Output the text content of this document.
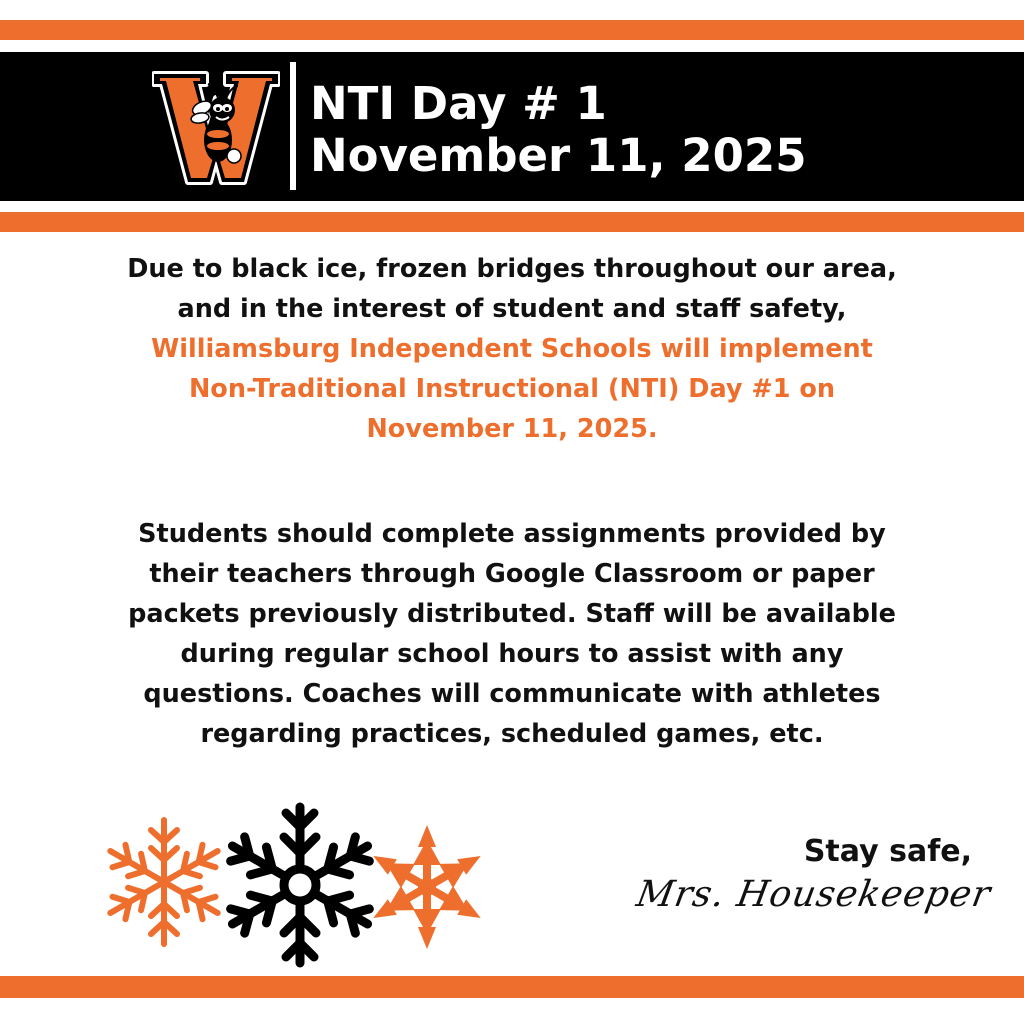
NTI Day # 1
November 11, 2025
Due to black ice, frozen bridges throughout our area,
and in the interest of student and staff safety,
Williamsburg Independent Schools will implement
Non-Traditional Instructional (NTI) Day #1 on
November 11, 2025.
Students should complete assignments provided by
their teachers through Google Classroom or paper
packets previously distributed. Staff will be available
during regular school hours to assist with any
questions. Coaches will communicate with athletes
regarding practices, scheduled games, etc.
Stay safe,
Mrs. Housekeeper
